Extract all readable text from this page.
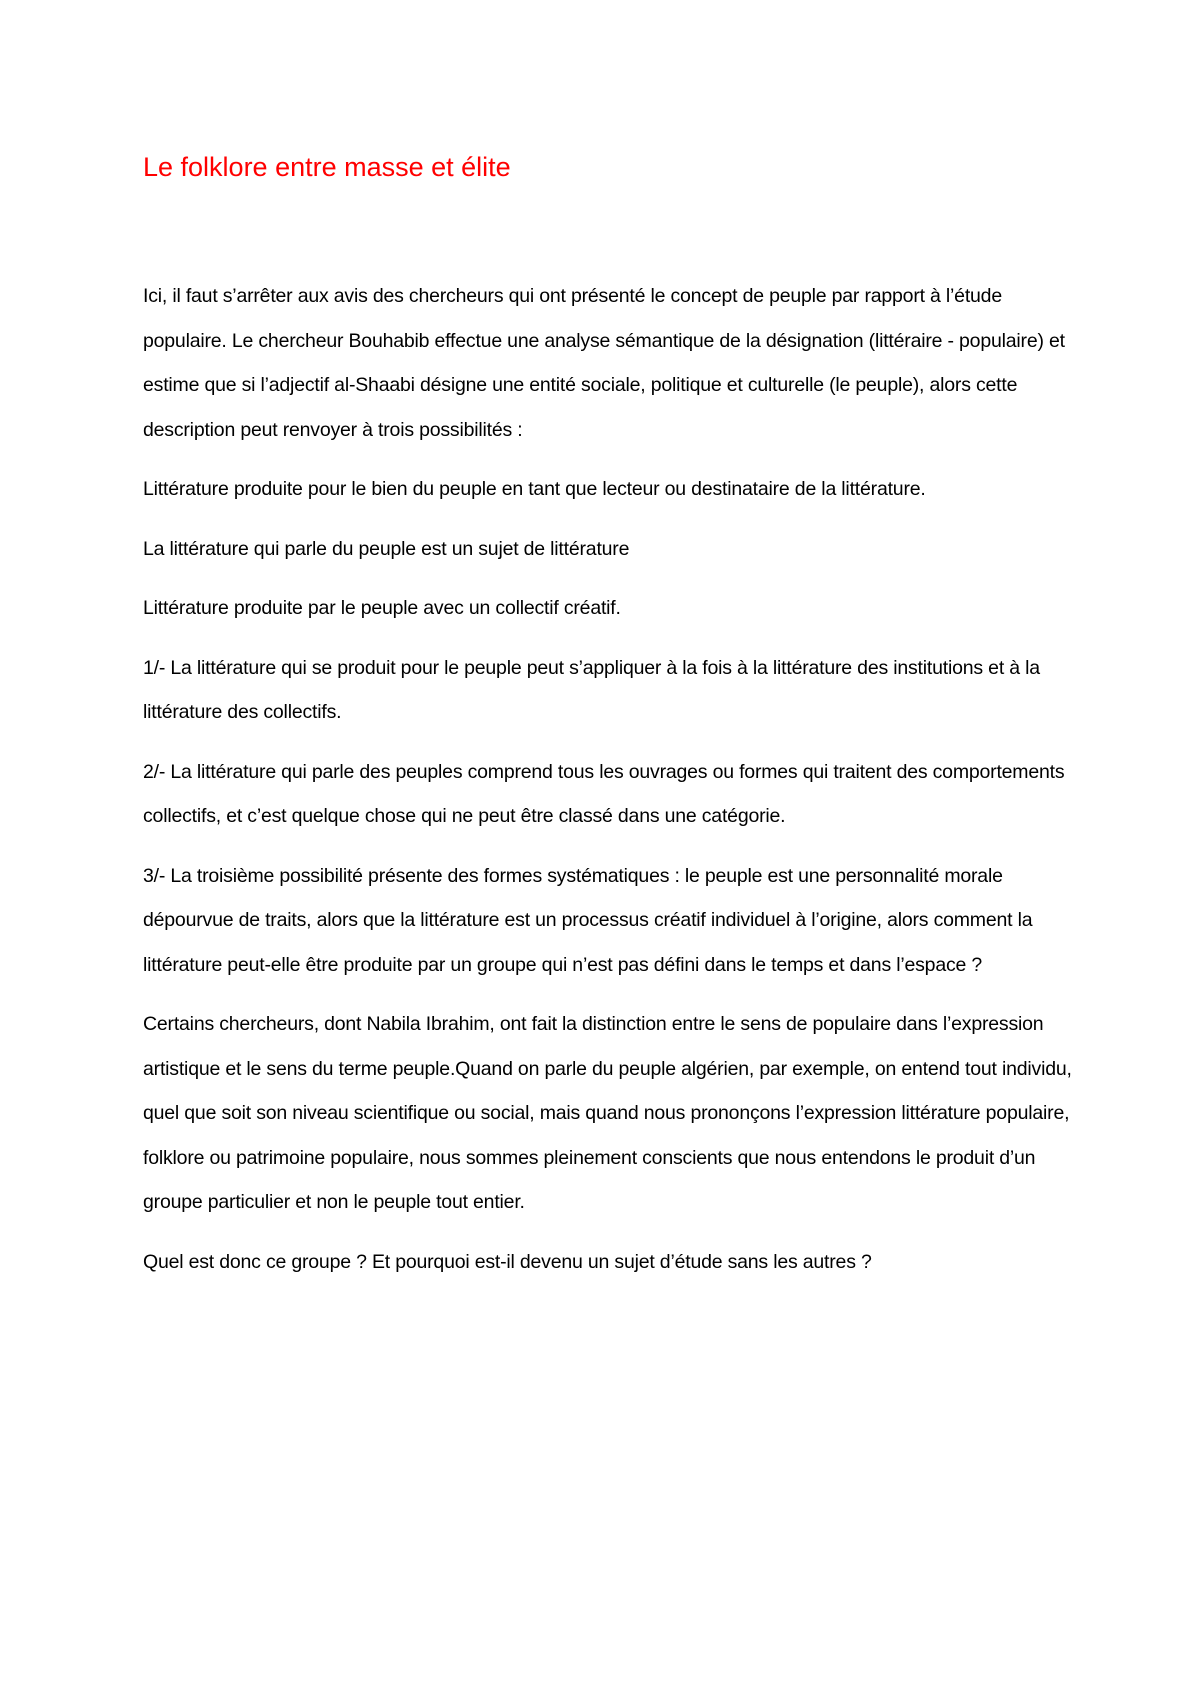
Le folklore entre masse et élite

Ici, il faut s’arrêter aux avis des chercheurs qui ont présenté le concept de peuple par rapport à l’étude populaire. Le chercheur Bouhabib effectue une analyse sémantique de la désignation (littéraire - populaire) et estime que si l’adjectif al-Shaabi désigne une entité sociale, politique et culturelle (le peuple), alors cette description peut renvoyer à trois possibilités :

Littérature produite pour le bien du peuple en tant que lecteur ou destinataire de la littérature.

La littérature qui parle du peuple est un sujet de littérature

Littérature produite par le peuple avec un collectif créatif.

1/- La littérature qui se produit pour le peuple peut s’appliquer à la fois à la littérature des institutions et à la littérature des collectifs.

2/- La littérature qui parle des peuples comprend tous les ouvrages ou formes qui traitent des comportements collectifs, et c’est quelque chose qui ne peut être classé dans une catégorie.

3/- La troisième possibilité présente des formes systématiques : le peuple est une personnalité morale dépourvue de traits, alors que la littérature est un processus créatif individuel à l’origine, alors comment la littérature peut-elle être produite par un groupe qui n’est pas défini dans le temps et dans l’espace ?

Certains chercheurs, dont Nabila Ibrahim, ont fait la distinction entre le sens de populaire dans l’expression artistique et le sens du terme peuple.Quand on parle du peuple algérien, par exemple, on entend tout individu, quel que soit son niveau scientifique ou social, mais quand nous prononçons l’expression littérature populaire, folklore ou patrimoine populaire, nous sommes pleinement conscients que nous entendons le produit d’un groupe particulier et non le peuple tout entier.

Quel est donc ce groupe ? Et pourquoi est-il devenu un sujet d’étude sans les autres ?
